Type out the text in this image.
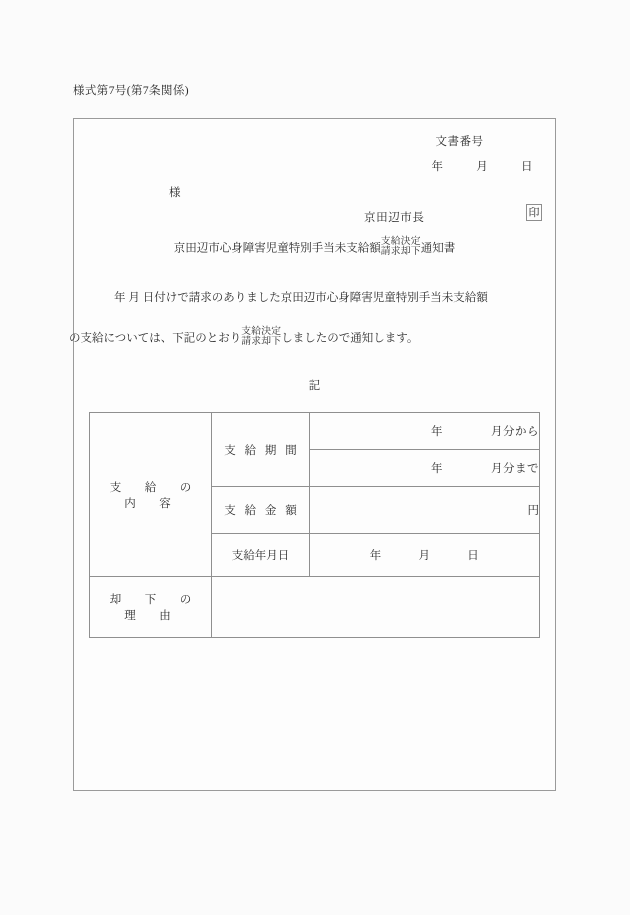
様式第7号(第7条関係)
文書番号
年	月	日
様
京田辺市長	印
京田辺市心身障害児童特別手当未支給額
支給決定
請求却下 通知書
年 月 日付けで請求のありました京田辺市心身障害児童特別手当未支給額
の支給については、下記のとおり
支給決定
請求却下 しましたので通知します。
記
支　給　の　内　容	支 給 期 間	年　　　　月分から
		年　　　　月分まで
	支 給 金 額	円
	支給年月日	年 月 日
却　下　の　理　由		
